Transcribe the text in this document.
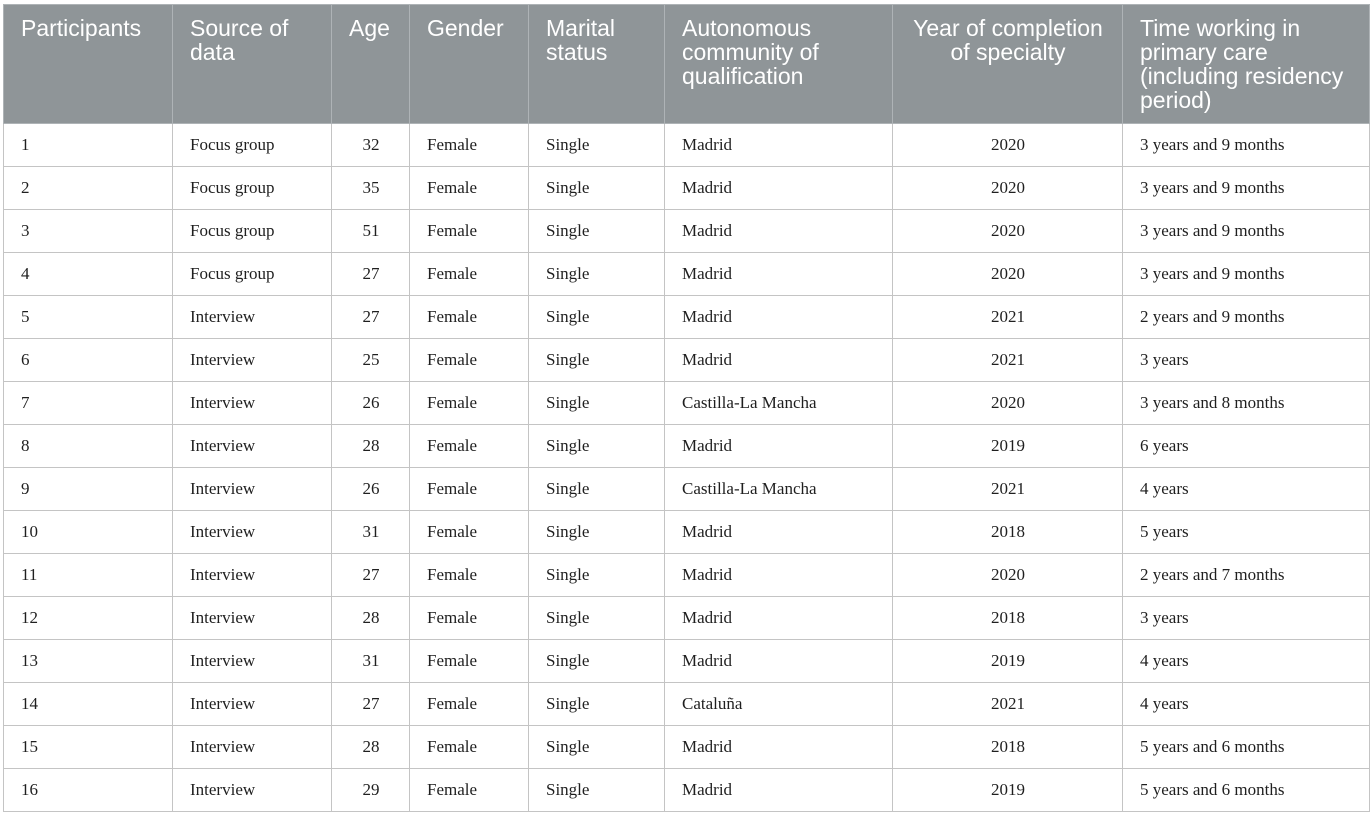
Participants	Source of data	Age	Gender	Marital status	Autonomous community of qualification	Year of completion of specialty	Time working in primary care (including residency period)
1	Focus group	32	Female	Single	Madrid	2020	3 years and 9 months
2	Focus group	35	Female	Single	Madrid	2020	3 years and 9 months
3	Focus group	51	Female	Single	Madrid	2020	3 years and 9 months
4	Focus group	27	Female	Single	Madrid	2020	3 years and 9 months
5	Interview	27	Female	Single	Madrid	2021	2 years and 9 months
6	Interview	25	Female	Single	Madrid	2021	3 years
7	Interview	26	Female	Single	Castilla-La Mancha	2020	3 years and 8 months
8	Interview	28	Female	Single	Madrid	2019	6 years
9	Interview	26	Female	Single	Castilla-La Mancha	2021	4 years
10	Interview	31	Female	Single	Madrid	2018	5 years
11	Interview	27	Female	Single	Madrid	2020	2 years and 7 months
12	Interview	28	Female	Single	Madrid	2018	3 years
13	Interview	31	Female	Single	Madrid	2019	4 years
14	Interview	27	Female	Single	Cataluña	2021	4 years
15	Interview	28	Female	Single	Madrid	2018	5 years and 6 months
16	Interview	29	Female	Single	Madrid	2019	5 years and 6 months
